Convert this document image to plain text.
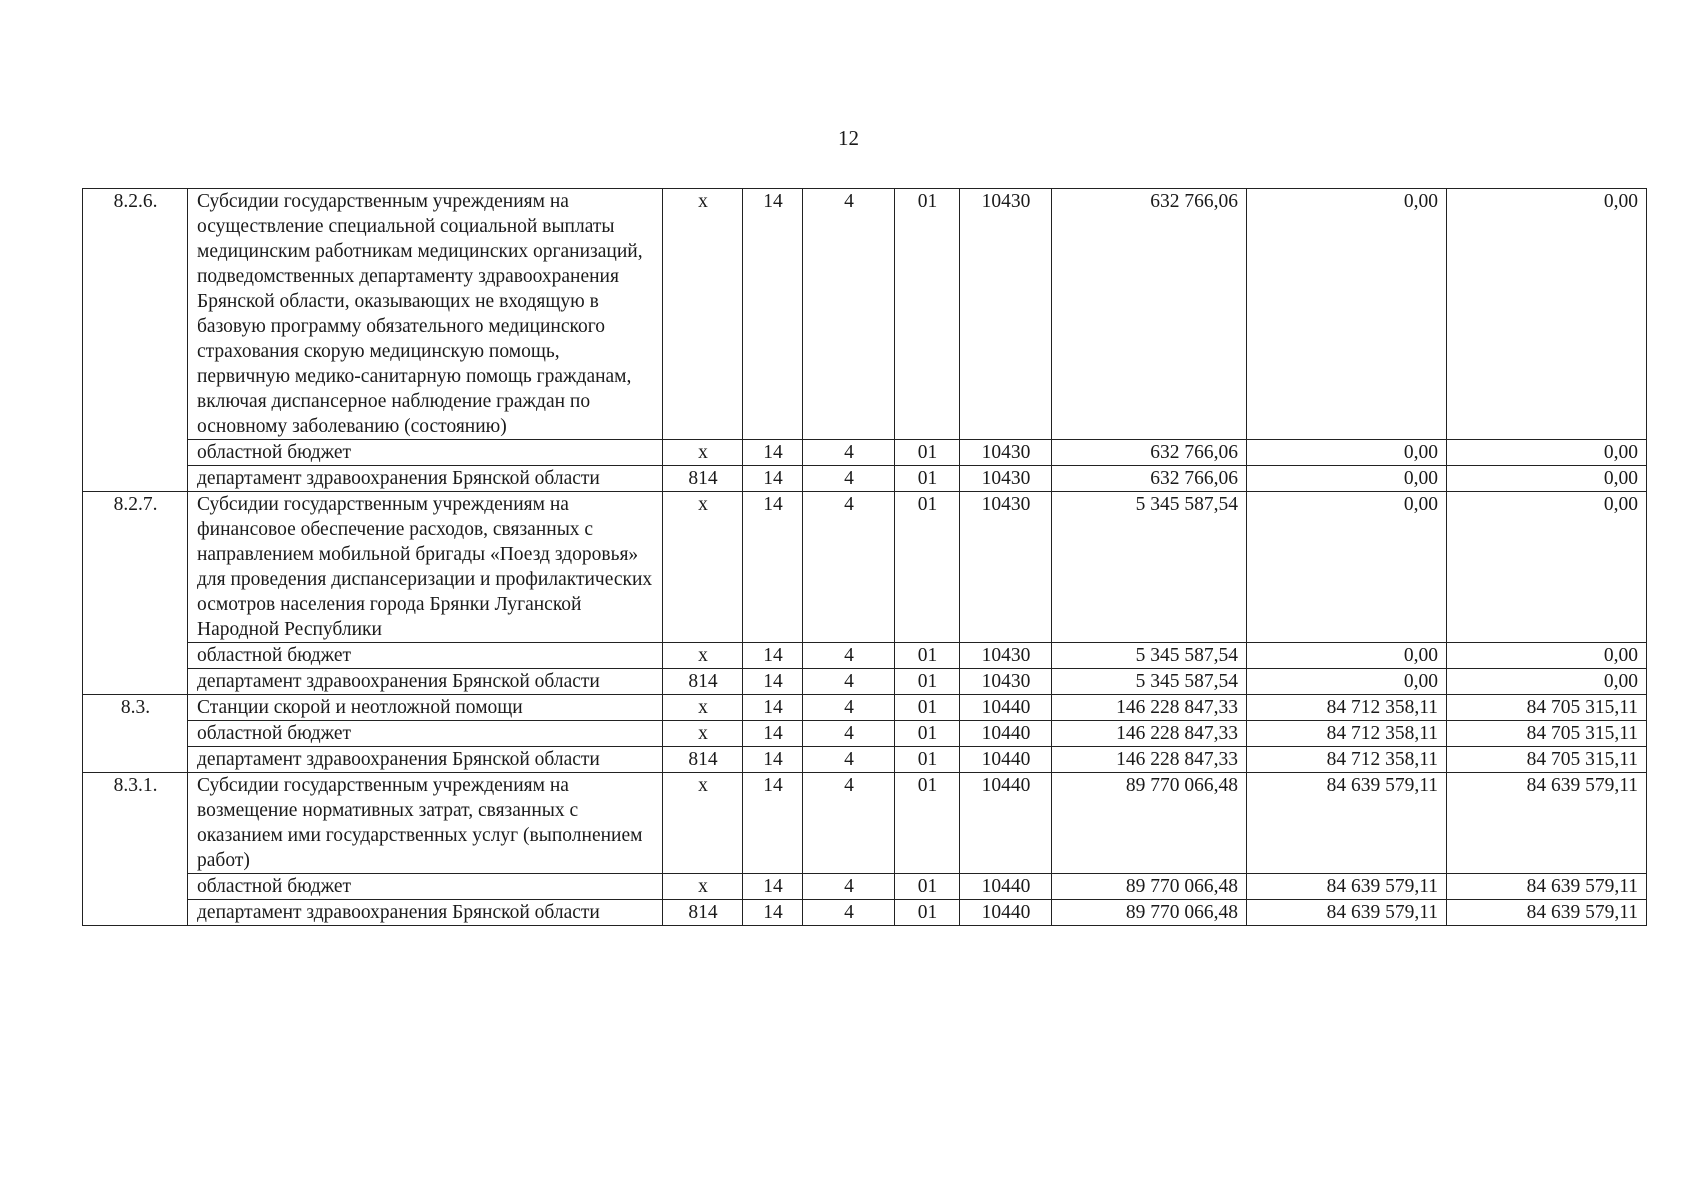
12
8.2.6.	Субсидии государственным учреждениям на осуществление специальной социальной выплаты медицинским работникам медицинских организаций, подведомственных департаменту здравоохранения Брянской области, оказывающих не входящую в базовую программу обязательного медицинского страхования скорую медицинскую помощь, первичную медико-санитарную помощь гражданам, включая диспансерное наблюдение граждан по основному заболеванию (состоянию)	х	14	4	01	10430	632 766,06	0,00	0,00
	областной бюджет	х	14	4	01	10430	632 766,06	0,00	0,00
	департамент здравоохранения Брянской области	814	14	4	01	10430	632 766,06	0,00	0,00
8.2.7.	Субсидии государственным учреждениям на финансовое обеспечение расходов, связанных с направлением мобильной бригады «Поезд здоровья» для проведения диспансеризации и профилактических осмотров населения города Брянки Луганской Народной Республики	х	14	4	01	10430	5 345 587,54	0,00	0,00
	областной бюджет	х	14	4	01	10430	5 345 587,54	0,00	0,00
	департамент здравоохранения Брянской области	814	14	4	01	10430	5 345 587,54	0,00	0,00
8.3.	Станции скорой и неотложной помощи	х	14	4	01	10440	146 228 847,33	84 712 358,11	84 705 315,11
	областной бюджет	х	14	4	01	10440	146 228 847,33	84 712 358,11	84 705 315,11
	департамент здравоохранения Брянской области	814	14	4	01	10440	146 228 847,33	84 712 358,11	84 705 315,11
8.3.1.	Субсидии государственным учреждениям на возмещение нормативных затрат, связанных с оказанием ими государственных услуг (выполнением работ)	х	14	4	01	10440	89 770 066,48	84 639 579,11	84 639 579,11
	областной бюджет	х	14	4	01	10440	89 770 066,48	84 639 579,11	84 639 579,11
	департамент здравоохранения Брянской области	814	14	4	01	10440	89 770 066,48	84 639 579,11	84 639 579,11
